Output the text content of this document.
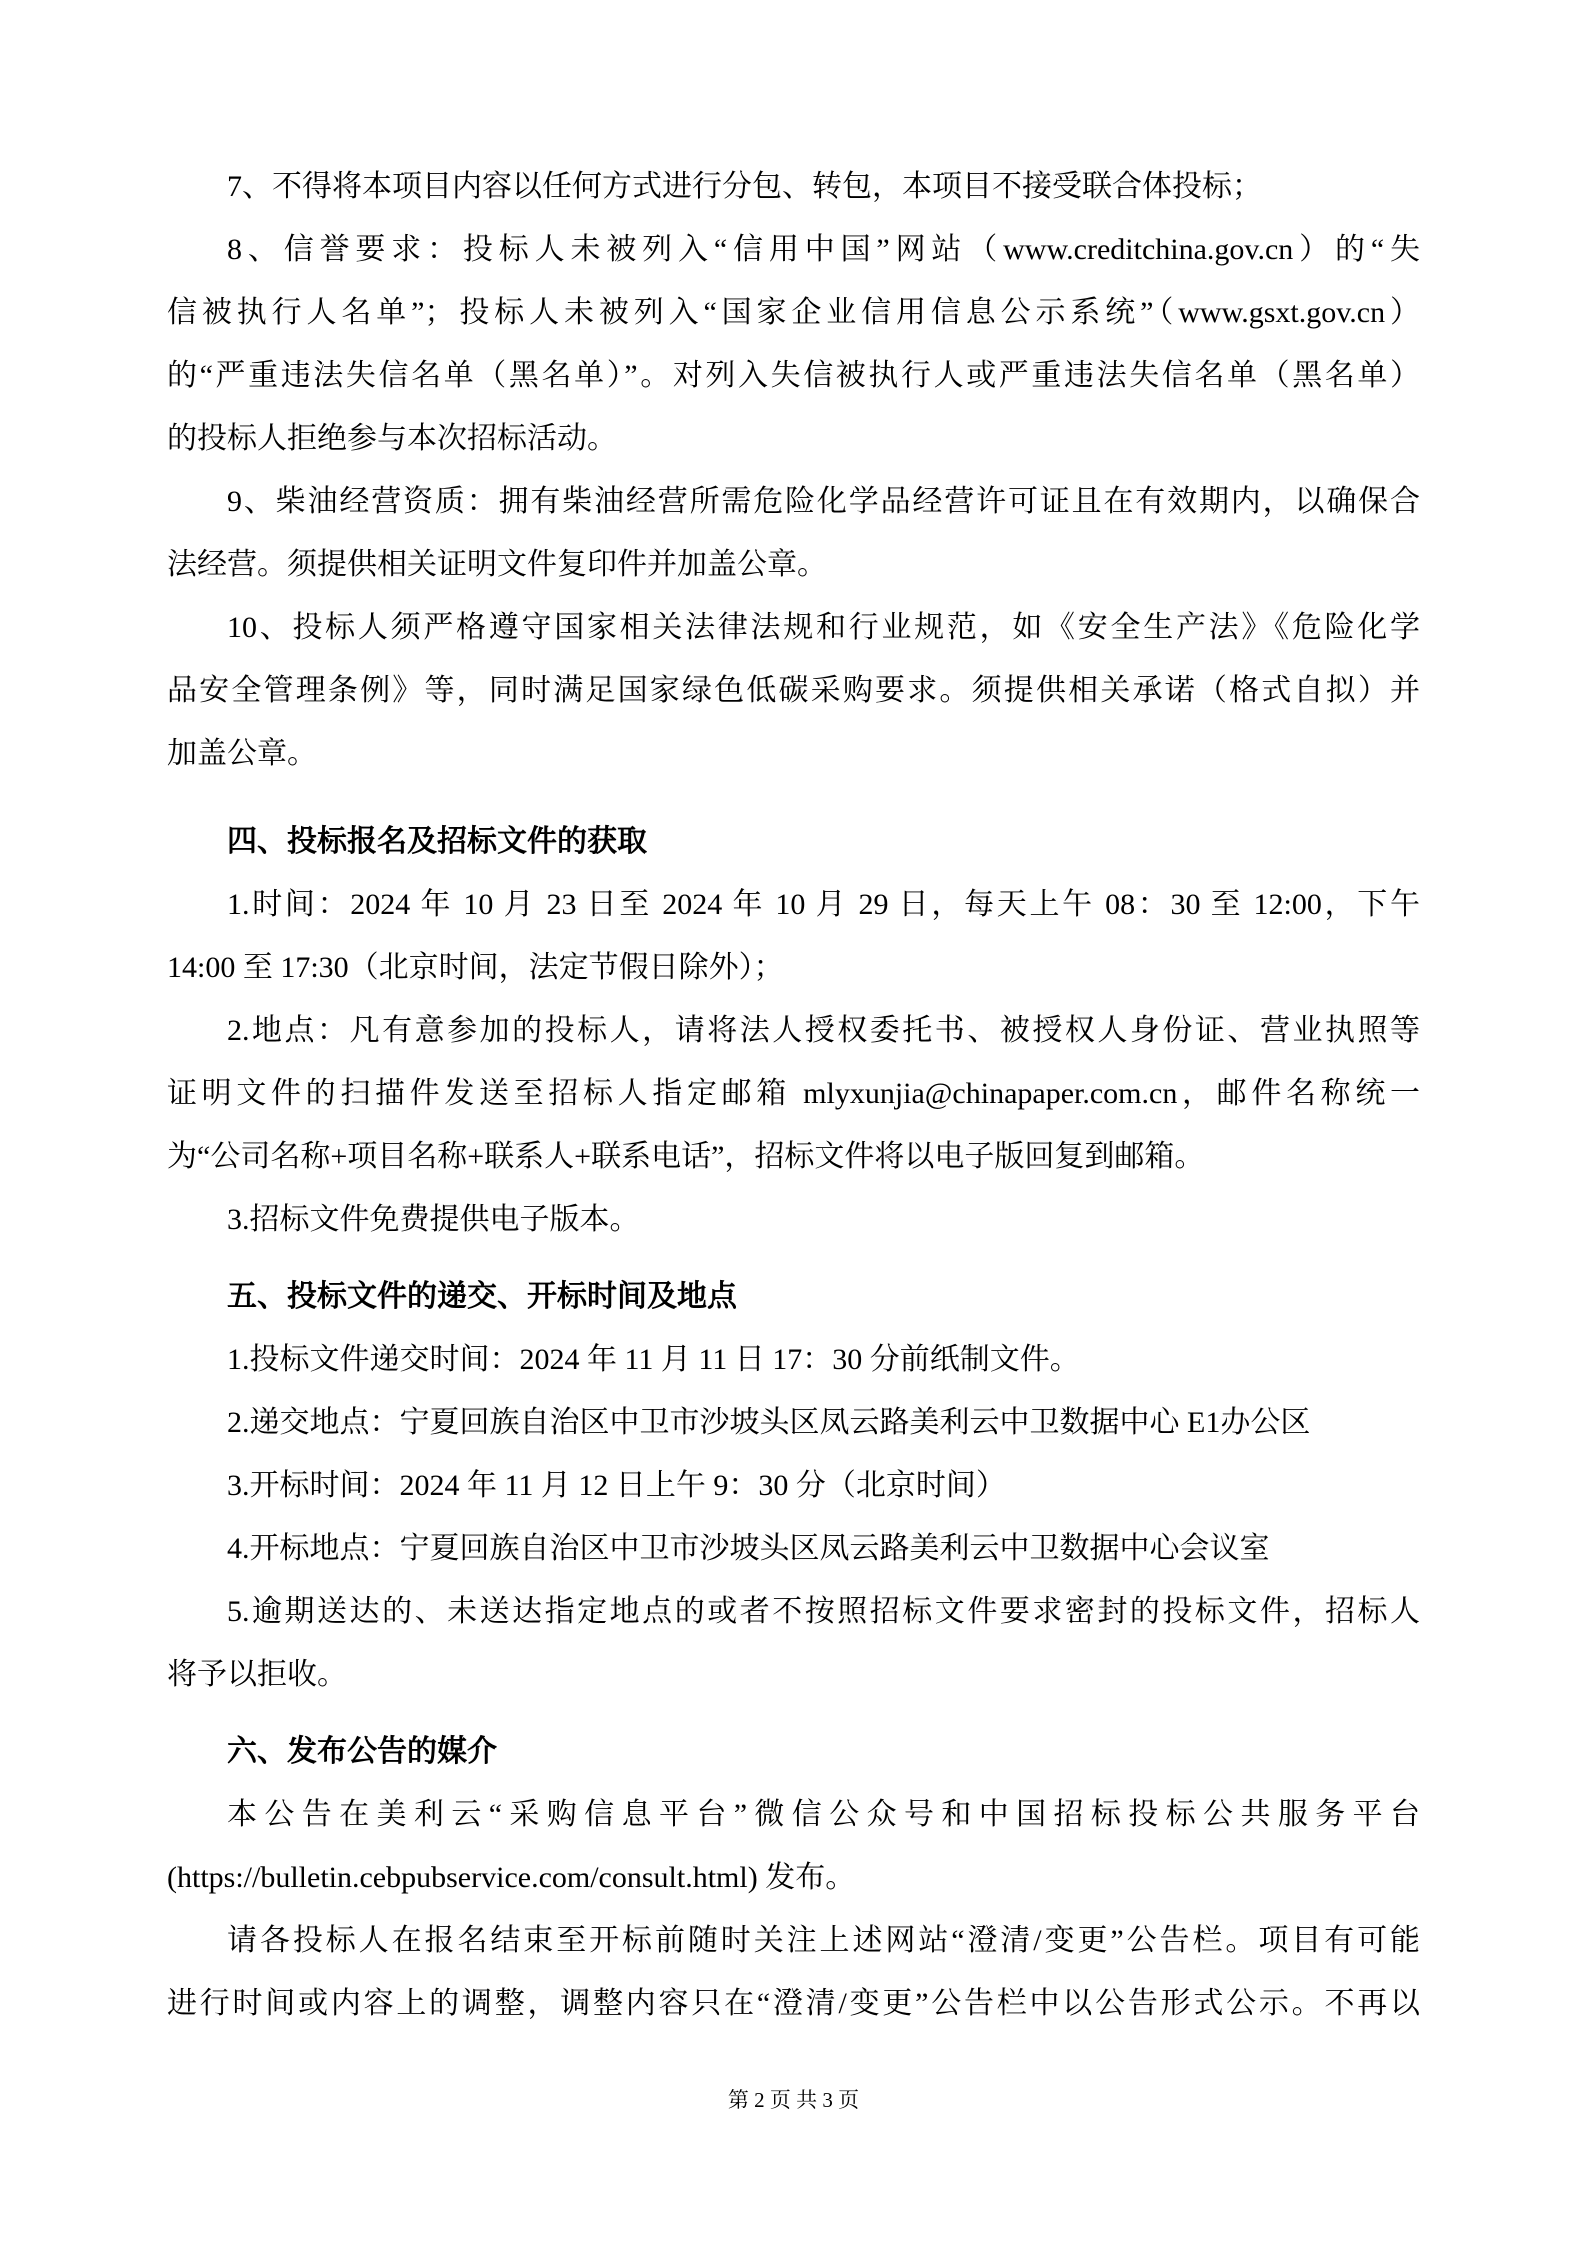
7、不得将本项目内容以任何方式进行分包、转包，本项目不接受联合体投标；
8、信誉要求：投标人未被列入“信用中国”网站（www.creditchina.gov.cn）的“失
信被执行人名单”；投标人未被列入“国家企业信用信息公示系统”（www.gsxt.gov.cn）
的“严重违法失信名单（黑名单）”。对列入失信被执行人或严重违法失信名单（黑名单）
的投标人拒绝参与本次招标活动。
9、柴油经营资质：拥有柴油经营所需危险化学品经营许可证且在有效期内，以确保合
法经营。须提供相关证明文件复印件并加盖公章。
10、投标人须严格遵守国家相关法律法规和行业规范，如《安全生产法》《危险化学
品安全管理条例》等，同时满足国家绿色低碳采购要求。须提供相关承诺（格式自拟）并
加盖公章。
四、投标报名及招标文件的获取
1.时间：2024 年 10 月 23 日至 2024 年 10 月 29 日，每天上午 08：30 至 12:00，下午
14:00 至 17:30（北京时间，法定节假日除外）；
2.地点：凡有意参加的投标人，请将法人授权委托书、被授权人身份证、营业执照等
证明文件的扫描件发送至招标人指定邮箱 mlyxunjia@chinapaper.com.cn，邮件名称统一
为“公司名称+项目名称+联系人+联系电话”，招标文件将以电子版回复到邮箱。
3.招标文件免费提供电子版本。
五、投标文件的递交、开标时间及地点
1.投标文件递交时间：2024 年 11 月 11 日 17：30 分前纸制文件。
2.递交地点：宁夏回族自治区中卫市沙坡头区凤云路美利云中卫数据中心 E1办公区
3.开标时间：2024 年 11 月 12 日上午 9：30 分（北京时间）
4.开标地点：宁夏回族自治区中卫市沙坡头区凤云路美利云中卫数据中心会议室
5.逾期送达的、未送达指定地点的或者不按照招标文件要求密封的投标文件，招标人
将予以拒收。
六、发布公告的媒介
本公告在美利云“采购信息平台”微信公众号和中国招标投标公共服务平台
(https://bulletin.cebpubservice.com/consult.html) 发布。
请各投标人在报名结束至开标前随时关注上述网站“澄清/变更”公告栏。项目有可能
进行时间或内容上的调整，调整内容只在“澄清/变更”公告栏中以公告形式公示。不再以
第 2 页 共 3 页
